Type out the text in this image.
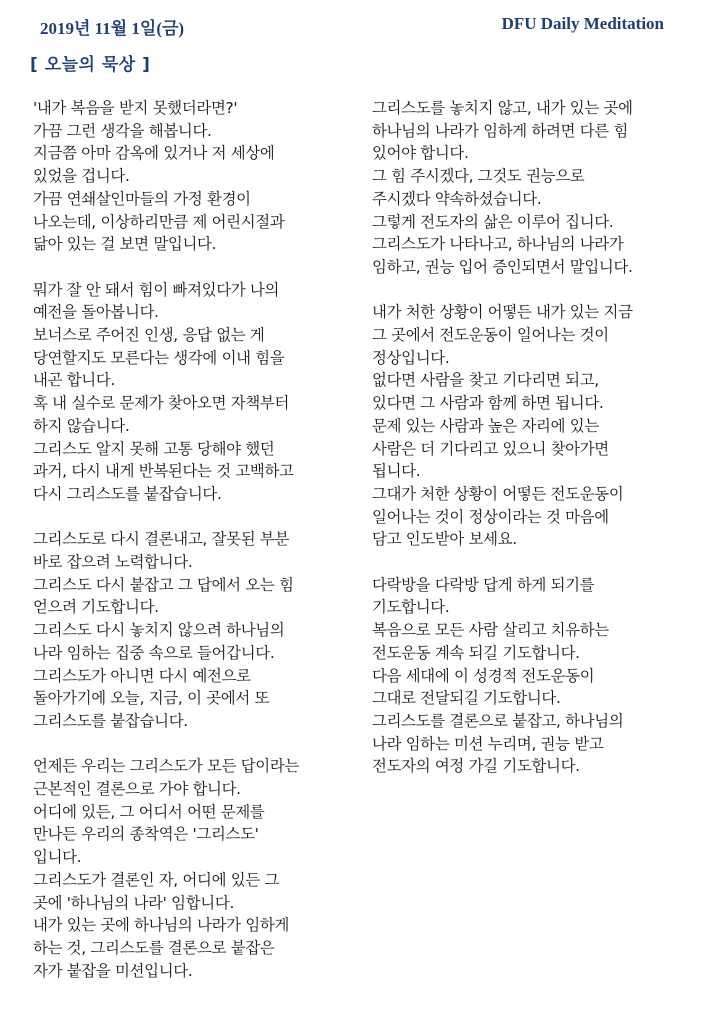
2019년 11월 1일(금)	DFU Daily Meditation
[ 오늘의 묵상 ]
'내가 복음을 받지 못했더라면?'
가끔 그런 생각을 해봅니다.
지금쯤 아마 감옥에 있거나 저 세상에
있었을 겁니다.
가끔 연쇄살인마들의 가정 환경이
나오는데, 이상하리만큼 제 어린시절과
닮아 있는 걸 보면 말입니다.
뭐가 잘 안 돼서 힘이 빠져있다가 나의
예전을 돌아봅니다.
보너스로 주어진 인생, 응답 없는 게
당연할지도 모른다는 생각에 이내 힘을
내곤 합니다.
혹 내 실수로 문제가 찾아오면 자책부터
하지 않습니다.
그리스도 알지 못해 고통 당해야 했던
과거, 다시 내게 반복된다는 것 고백하고
다시 그리스도를 붙잡습니다.
그리스도로 다시 결론내고, 잘못된 부분
바로 잡으려 노력합니다.
그리스도 다시 붙잡고 그 답에서 오는 힘
얻으려 기도합니다.
그리스도 다시 놓치지 않으려 하나님의
나라 임하는 집중 속으로 들어갑니다.
그리스도가 아니면 다시 예전으로
돌아가기에 오늘, 지금, 이 곳에서 또
그리스도를 붙잡습니다.
언제든 우리는 그리스도가 모든 답이라는
근본적인 결론으로 가야 합니다.
어디에 있든, 그 어디서 어떤 문제를
만나든 우리의 종착역은 '그리스도'
입니다.
그리스도가 결론인 자, 어디에 있든 그
곳에 '하나님의 나라' 임합니다.
내가 있는 곳에 하나님의 나라가 임하게
하는 것, 그리스도를 결론으로 붙잡은
자가 붙잡을 미션입니다.
그리스도를 놓치지 않고, 내가 있는 곳에
하나님의 나라가 임하게 하려면 다른 힘
있어야 합니다.
그 힘 주시겠다, 그것도 권능으로
주시겠다 약속하셨습니다.
그렇게 전도자의 삶은 이루어 집니다.
그리스도가 나타나고, 하나님의 나라가
임하고, 권능 입어 증인되면서 말입니다.
내가 처한 상황이 어떻든 내가 있는 지금
그 곳에서 전도운동이 일어나는 것이
정상입니다.
없다면 사람을 찾고 기다리면 되고,
있다면 그 사람과 함께 하면 됩니다.
문제 있는 사람과 높은 자리에 있는
사람은 더 기다리고 있으니 찾아가면
됩니다.
그대가 처한 상황이 어떻든 전도운동이
일어나는 것이 정상이라는 것 마음에
담고 인도받아 보세요.
다락방을 다락방 답게 하게 되기를
기도합니다.
복음으로 모든 사람 살리고 치유하는
전도운동 계속 되길 기도합니다.
다음 세대에 이 성경적 전도운동이
그대로 전달되길 기도합니다.
그리스도를 결론으로 붙잡고, 하나님의
나라 임하는 미션 누리며, 권능 받고
전도자의 여정 가길 기도합니다.
